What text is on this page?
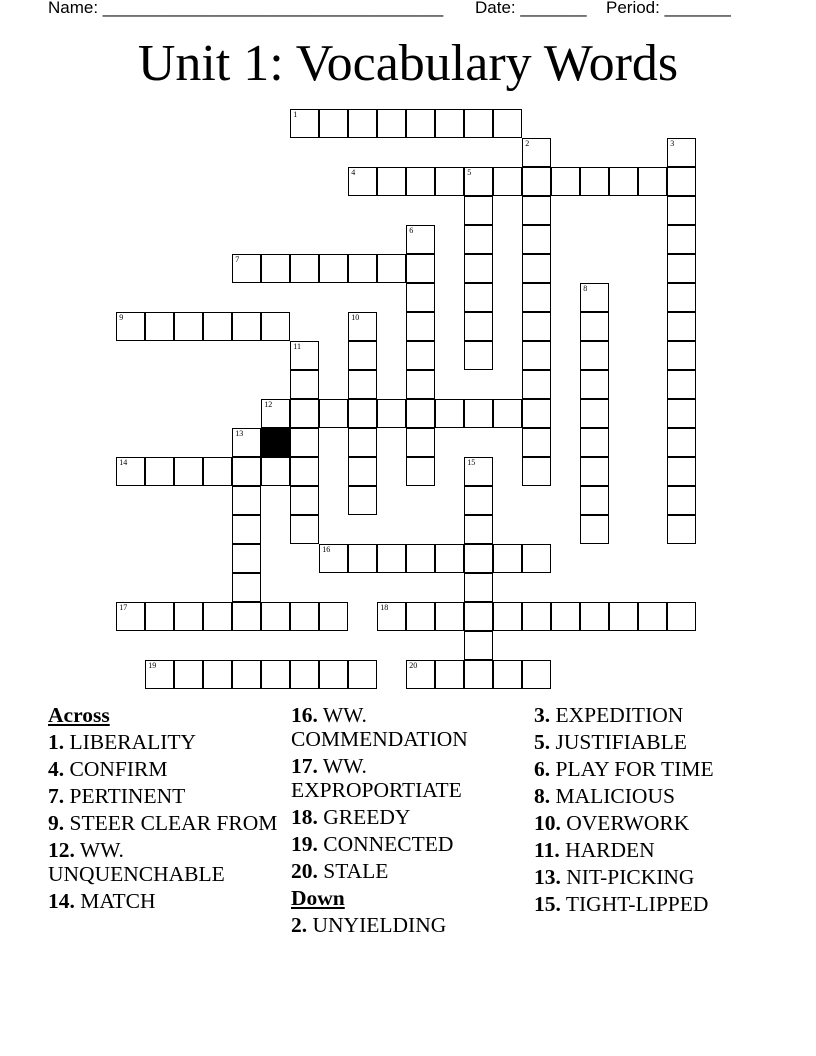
Name: ____________________________________ Date: _______ Period: _______
Unit 1: Vocabulary Words
1
2	3
4	5
6
7
8
9	10
11
12
13
14	15
16
17	18
19	20
Across
1. LIBERALITY
4. CONFIRM
7. PERTINENT
9. STEER CLEAR FROM
12. WW. UNQUENCHABLE
14. MATCH
16. WW. COMMENDATION
17. WW. EXPROPORTIATE
18. GREEDY
19. CONNECTED
20. STALE
Down
2. UNYIELDING
3. EXPEDITION
5. JUSTIFIABLE
6. PLAY FOR TIME
8. MALICIOUS
10. OVERWORK
11. HARDEN
13. NIT-PICKING
15. TIGHT-LIPPED
